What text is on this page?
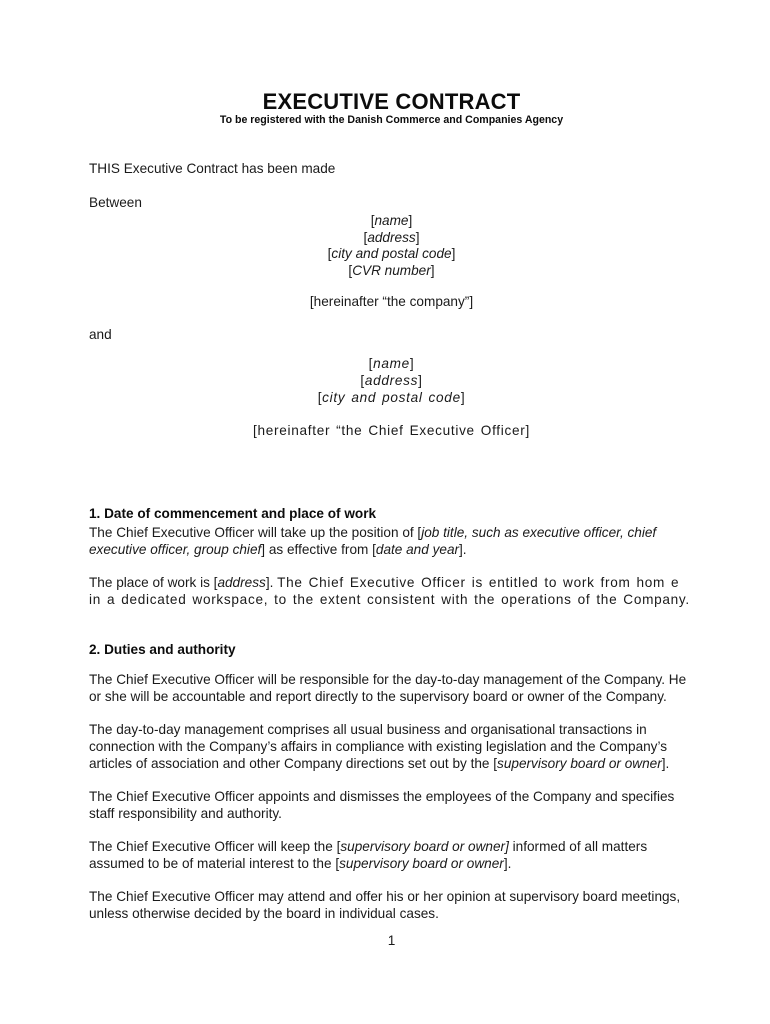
EXECUTIVE CONTRACT
To be registered with the Danish Commerce and Companies Agency

THIS Executive Contract has been made

Between

[name]
[address]
[city and postal code]
[CVR number]

[hereinafter “the company”]

and

[name]
[address]
[city and postal code]

[hereinafter “the Chief Executive Officer]

1. Date of commencement and place of work

The Chief Executive Officer will take up the position of [job title, such as executive officer, chief executive officer, group chief] as effective from [date and year].

The place of work is [address]. The Chief Executive Officer is entitled to work from hom e in a dedicated workspace, to the extent consistent with the operations of the Company.

2. Duties and authority

The Chief Executive Officer will be responsible for the day-to-day management of the Company. He or she will be accountable and report directly to the supervisory board or owner of the Company.

The day-to-day management comprises all usual business and organisational transactions in connection with the Company’s affairs in compliance with existing legislation and the Company’s articles of association and other Company directions set out by the [supervisory board or owner].

The Chief Executive Officer appoints and dismisses the employees of the Company and specifies staff responsibility and authority.

The Chief Executive Officer will keep the [supervisory board or owner] informed of all matters assumed to be of material interest to the [supervisory board or owner].

The Chief Executive Officer may attend and offer his or her opinion at supervisory board meetings, unless otherwise decided by the board in individual cases.

1
